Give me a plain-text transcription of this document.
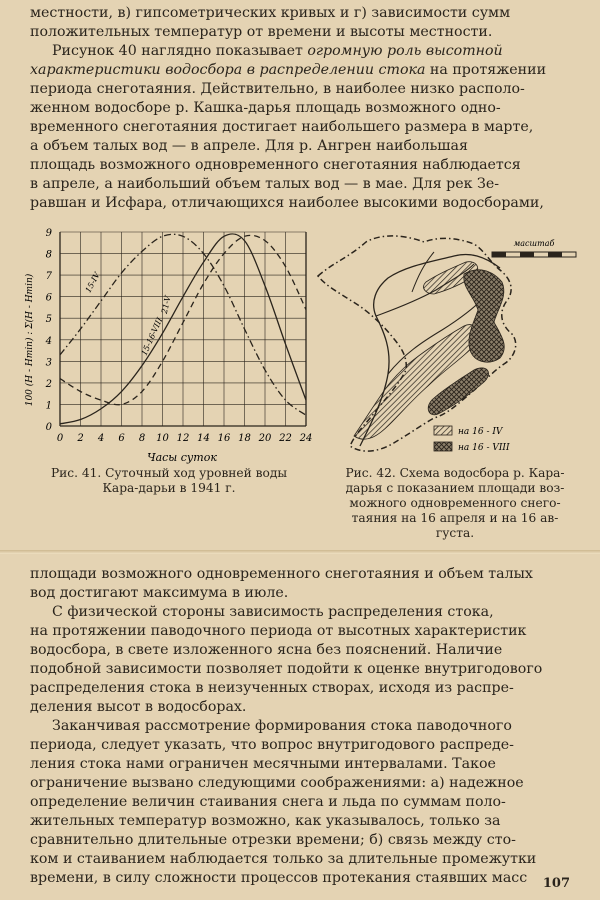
местности, в) гипсометрических кривых и г) зависимости сумм
положительных температур от времени и высоты местности.
Рисунок 40 наглядно показывает огромную роль высотной
характеристики водосбора в распределении стока на протяжении
периода снеготаяния. Действительно, в наиболее низко располо-
женном водосборе р. Кашка-дарья площадь возможного одно-
временного снеготаяния достигает наибольшего размера в марте,
а объем талых вод — в апреле. Для р. Ангрен наибольшая
площадь возможного одновременного снеготаяния наблюдается
в апреле, а наибольший объем талых вод — в мае. Для рек Зе-
равшан и Исфара, отличающихся наиболее высокими водосборами,
15-IV
21-V
15-16-VIII
0 2 4 6 8 10 12 14 16 18 20 22 24
0
1
2
3
4
5
6
7
8
9
100 (H - Hmin) : Σ(H - Hmin)
Часы суток
масштаб
на 16 - IV
на 16 - VIII
Рис. 41. Суточный ход уровней воды
Кара-дарьи в 1941 г.
Рис. 42. Схема водосбора р. Кара-
дарья с показанием площади воз-
можного одновременного снего-
таяния на 16 апреля и на 16 ав-
густа.
площади возможного одновременного снеготаяния и объем талых
вод достигают максимума в июле.
С физической стороны зависимость распределения стока,
на протяжении паводочного периода от высотных характеристик
водосбора, в свете изложенного ясна без пояснений. Наличие
подобной зависимости позволяет подойти к оценке внутригодового
распределения стока в неизученных створах, исходя из распре-
деления высот в водосборах.
Заканчивая рассмотрение формирования стока паводочного
периода, следует указать, что вопрос внутригодового распреде-
ления стока нами ограничен месячными интервалами. Такое
ограничение вызвано следующими соображениями: а) надежное
определение величин стаивания снега и льда по суммам поло-
жительных температур возможно, как указывалось, только за
сравнительно длительные отрезки времени; б) связь между сто-
ком и стаиванием наблюдается только за длительные промежутки
времени, в силу сложности процессов протекания стаявших масс	107
